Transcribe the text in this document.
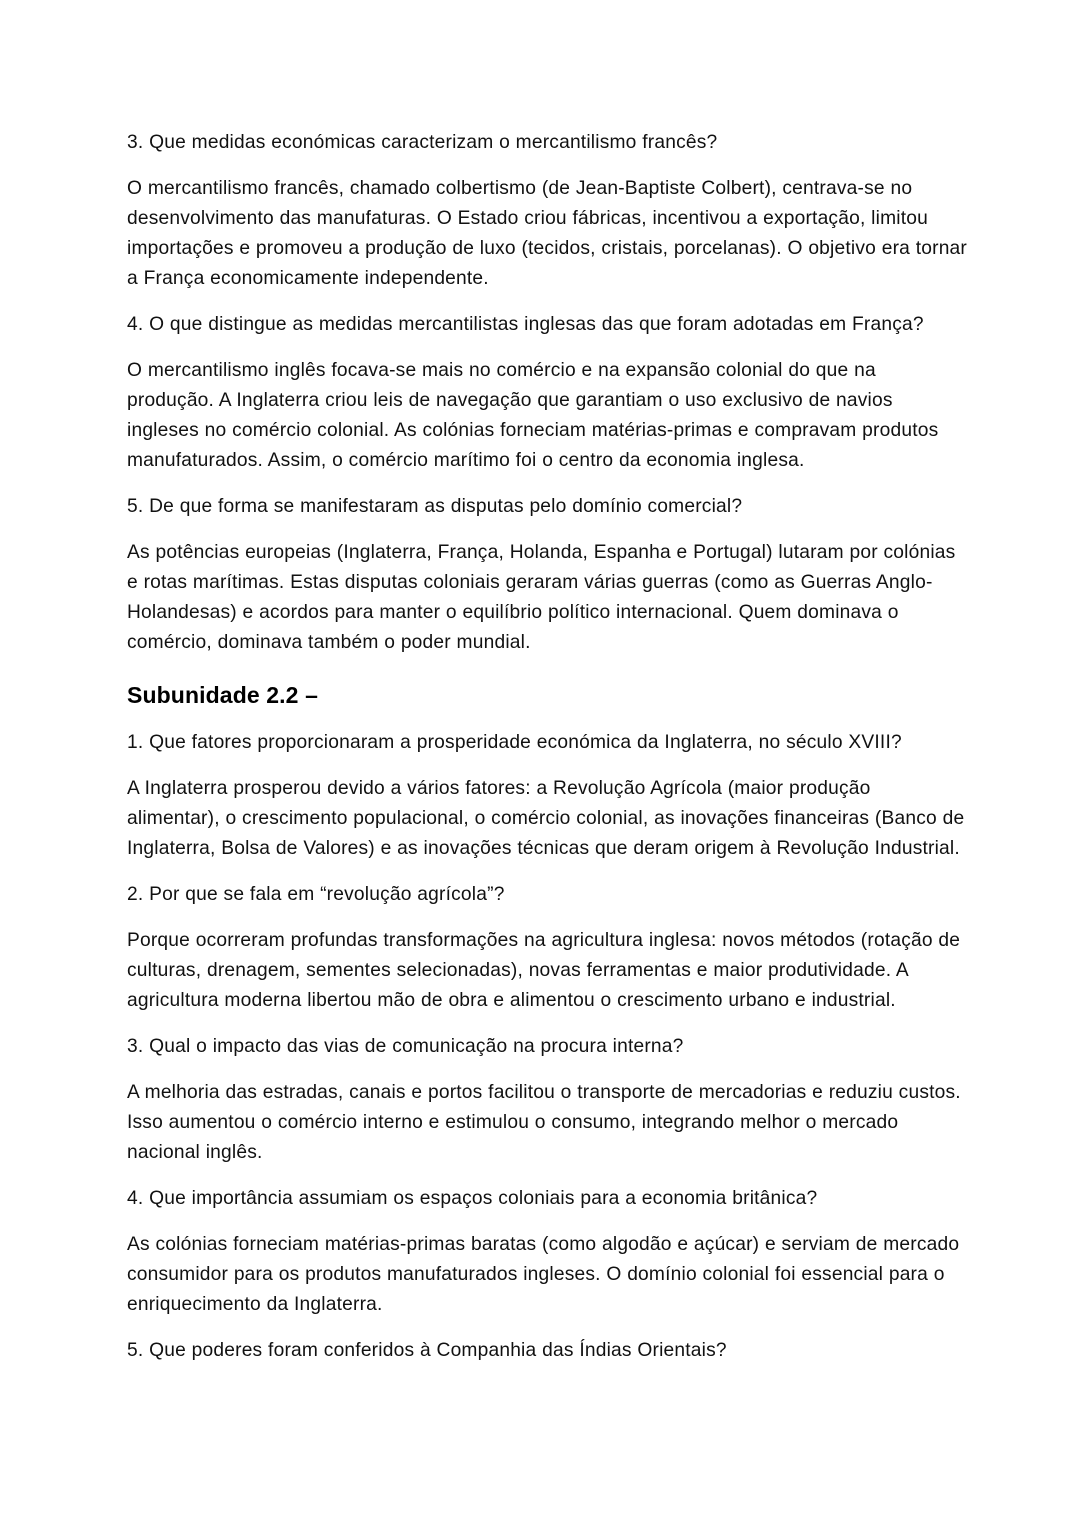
3. Que medidas económicas caracterizam o mercantilismo francês?

O mercantilismo francês, chamado colbertismo (de Jean-Baptiste Colbert), centrava-se no desenvolvimento das manufaturas. O Estado criou fábricas, incentivou a exportação, limitou importações e promoveu a produção de luxo (tecidos, cristais, porcelanas). O objetivo era tornar a França economicamente independente.

4. O que distingue as medidas mercantilistas inglesas das que foram adotadas em França?

O mercantilismo inglês focava-se mais no comércio e na expansão colonial do que na produção. A Inglaterra criou leis de navegação que garantiam o uso exclusivo de navios ingleses no comércio colonial. As colónias forneciam matérias-primas e compravam produtos manufaturados. Assim, o comércio marítimo foi o centro da economia inglesa.

5. De que forma se manifestaram as disputas pelo domínio comercial?

As potências europeias (Inglaterra, França, Holanda, Espanha e Portugal) lutaram por colónias e rotas marítimas. Estas disputas coloniais geraram várias guerras (como as Guerras Anglo-Holandesas) e acordos para manter o equilíbrio político internacional. Quem dominava o comércio, dominava também o poder mundial.

Subunidade 2.2 –

1. Que fatores proporcionaram a prosperidade económica da Inglaterra, no século XVIII?

A Inglaterra prosperou devido a vários fatores: a Revolução Agrícola (maior produção alimentar), o crescimento populacional, o comércio colonial, as inovações financeiras (Banco de Inglaterra, Bolsa de Valores) e as inovações técnicas que deram origem à Revolução Industrial.

2. Por que se fala em “revolução agrícola”?

Porque ocorreram profundas transformações na agricultura inglesa: novos métodos (rotação de culturas, drenagem, sementes selecionadas), novas ferramentas e maior produtividade. A agricultura moderna libertou mão de obra e alimentou o crescimento urbano e industrial.

3. Qual o impacto das vias de comunicação na procura interna?

A melhoria das estradas, canais e portos facilitou o transporte de mercadorias e reduziu custos. Isso aumentou o comércio interno e estimulou o consumo, integrando melhor o mercado nacional inglês.

4. Que importância assumiam os espaços coloniais para a economia britânica?

As colónias forneciam matérias-primas baratas (como algodão e açúcar) e serviam de mercado consumidor para os produtos manufaturados ingleses. O domínio colonial foi essencial para o enriquecimento da Inglaterra.

5. Que poderes foram conferidos à Companhia das Índias Orientais?
